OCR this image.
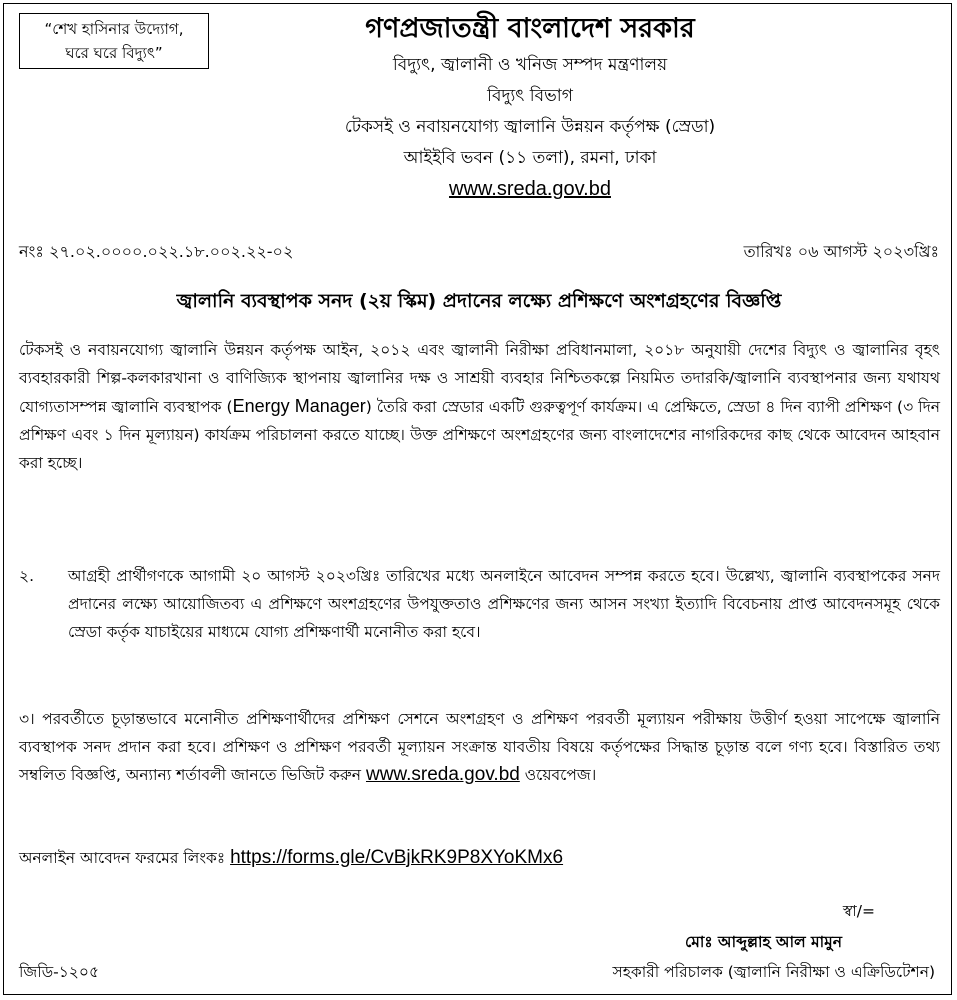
“শেখ হাসিনার উদ্যোগ,
ঘরে ঘরে বিদ্যুৎ”
গণপ্রজাতন্ত্রী বাংলাদেশ সরকার
বিদ্যুৎ, জ্বালানী ও খনিজ সম্পদ মন্ত্রণালয়
বিদ্যুৎ বিভাগ
টেকসই ও নবায়নযোগ্য জ্বালানি উন্নয়ন কর্তৃপক্ষ (স্রেডা)
আইইবি ভবন (১১ তলা), রমনা, ঢাকা
www.sreda.gov.bd
নংঃ ২৭.০২.০০০০.০২২.১৮.০০২.২২-০২	তারিখঃ ০৬ আগস্ট ২০২৩খ্রিঃ
জ্বালানি ব্যবস্থাপক সনদ (২য় স্কিম) প্রদানের লক্ষ্যে প্রশিক্ষণে অংশগ্রহণের বিজ্ঞপ্তি
টেকসই ও নবায়নযোগ্য জ্বালানি উন্নয়ন কর্তৃপক্ষ আইন, ২০১২ এবং জ্বালানী নিরীক্ষা প্রবিধানমালা, ২০১৮ অনুযায়ী দেশের বিদ্যুৎ ও জ্বালানির বৃহৎ ব্যবহারকারী শিল্প-কলকারখানা ও বাণিজ্যিক স্থাপনায় জ্বালানির দক্ষ ও সাশ্রয়ী ব্যবহার নিশ্চিতকল্পে নিয়মিত তদারকি/জ্বালানি ব্যবস্থাপনার জন্য যথাযথ যোগ্যতাসম্পন্ন জ্বালানি ব্যবস্থাপক (Energy Manager) তৈরি করা স্রেডার একটি গুরুত্বপূর্ণ কার্যক্রম। এ প্রেক্ষিতে, স্রেডা ৪ দিন ব্যাপী প্রশিক্ষণ (৩ দিন প্রশিক্ষণ এবং ১ দিন মূল্যায়ন) কার্যক্রম পরিচালনা করতে যাচ্ছে। উক্ত প্রশিক্ষণে অংশগ্রহণের জন্য বাংলাদেশের নাগরিকদের কাছ থেকে আবেদন আহবান করা হচ্ছে।
২. আগ্রহী প্রার্থীগণকে আগামী ২০ আগস্ট ২০২৩খ্রিঃ তারিখের মধ্যে অনলাইনে আবেদন সম্পন্ন করতে হবে। উল্লেখ্য, জ্বালানি ব্যবস্থাপকের সনদ প্রদানের লক্ষ্যে আয়োজিতব্য এ প্রশিক্ষণে অংশগ্রহণের উপযুক্ততাও প্রশিক্ষণের জন্য আসন সংখ্যা ইত্যাদি বিবেচনায় প্রাপ্ত আবেদনসমূহ থেকে স্রেডা কর্তৃক যাচাইয়ের মাধ্যমে যোগ্য প্রশিক্ষণার্থী মনোনীত করা হবে।
৩। পরবর্তীতে চূড়ান্তভাবে মনোনীত প্রশিক্ষণার্থীদের প্রশিক্ষণ সেশনে অংশগ্রহণ ও প্রশিক্ষণ পরবর্তী মূল্যায়ন পরীক্ষায় উত্তীর্ণ হওয়া সাপেক্ষে জ্বালানি ব্যবস্থাপক সনদ প্রদান করা হবে। প্রশিক্ষণ ও প্রশিক্ষণ পরবর্তী মূল্যায়ন সংক্রান্ত যাবতীয় বিষয়ে কর্তৃপক্ষের সিদ্ধান্ত চূড়ান্ত বলে গণ্য হবে। বিস্তারিত তথ্য সম্বলিত বিজ্ঞপ্তি, অন্যান্য শর্তাবলী জানতে ভিজিট করুন www.sreda.gov.bd ওয়েবপেজ।
অনলাইন আবেদন ফরমের লিংকঃ https://forms.gle/CvBjkRK9P8XYoKMx6
স্বা/=
মোঃ আব্দুল্লাহ আল মামুন
সহকারী পরিচালক (জ্বালানি নিরীক্ষা ও এক্রিডিটেশন)
জিডি-১২০৫
